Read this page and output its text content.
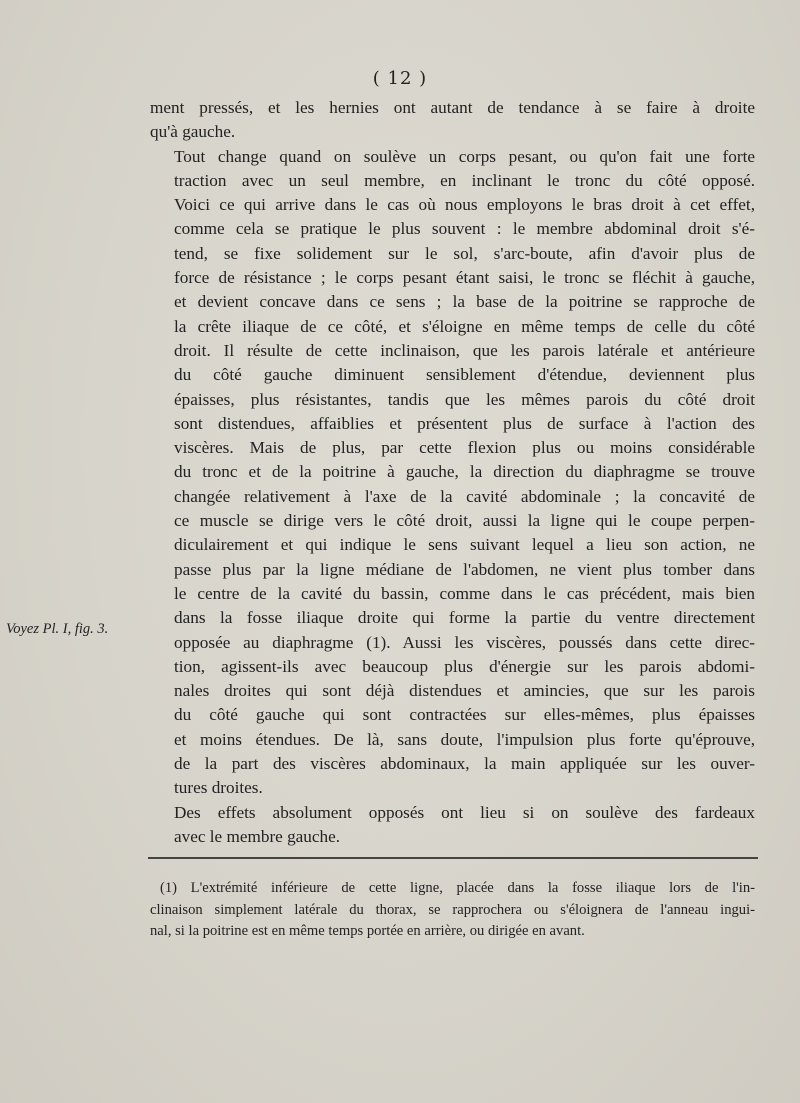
( 12 )
Voyez Pl. I, fig. 3.

ment pressés, et les hernies ont autant de tendance à se faire à droite
qu'à gauche.

Tout change quand on soulève un corps pesant, ou qu'on fait une forte
traction avec un seul membre, en inclinant le tronc du côté opposé.
Voici ce qui arrive dans le cas où nous employons le bras droit à cet effet,
comme cela se pratique le plus souvent : le membre abdominal droit s'é-
tend, se fixe solidement sur le sol, s'arc-boute, afin d'avoir plus de
force de résistance ; le corps pesant étant saisi, le tronc se fléchit à gauche,
et devient concave dans ce sens ; la base de la poitrine se rapproche de
la crête iliaque de ce côté, et s'éloigne en même temps de celle du côté
droit. Il résulte de cette inclinaison, que les parois latérale et antérieure
du côté gauche diminuent sensiblement d'étendue, deviennent plus
épaisses, plus résistantes, tandis que les mêmes parois du côté droit
sont distendues, affaiblies et présentent plus de surface à l'action des
viscères. Mais de plus, par cette flexion plus ou moins considérable
du tronc et de la poitrine à gauche, la direction du diaphragme se trouve
changée relativement à l'axe de la cavité abdominale ; la concavité de
ce muscle se dirige vers le côté droit, aussi la ligne qui le coupe perpen-
diculairement et qui indique le sens suivant lequel a lieu son action, ne
passe plus par la ligne médiane de l'abdomen, ne vient plus tomber dans
le centre de la cavité du bassin, comme dans le cas précédent, mais bien
dans la fosse iliaque droite qui forme la partie du ventre directement
opposée au diaphragme (1). Aussi les viscères, poussés dans cette direc-
tion, agissent-ils avec beaucoup plus d'énergie sur les parois abdomi-
nales droites qui sont déjà distendues et amincies, que sur les parois
du côté gauche qui sont contractées sur elles-mêmes, plus épaisses
et moins étendues. De là, sans doute, l'impulsion plus forte qu'éprouve,
de la part des viscères abdominaux, la main appliquée sur les ouver-
tures droites.

Des effets absolument opposés ont lieu si on soulève des fardeaux
avec le membre gauche.

(1) L'extrémité inférieure de cette ligne, placée dans la fosse iliaque lors de l'in-
clinaison simplement latérale du thorax, se rapprochera ou s'éloignera de l'anneau ingui-
nal, si la poitrine est en même temps portée en arrière, ou dirigée en avant.
